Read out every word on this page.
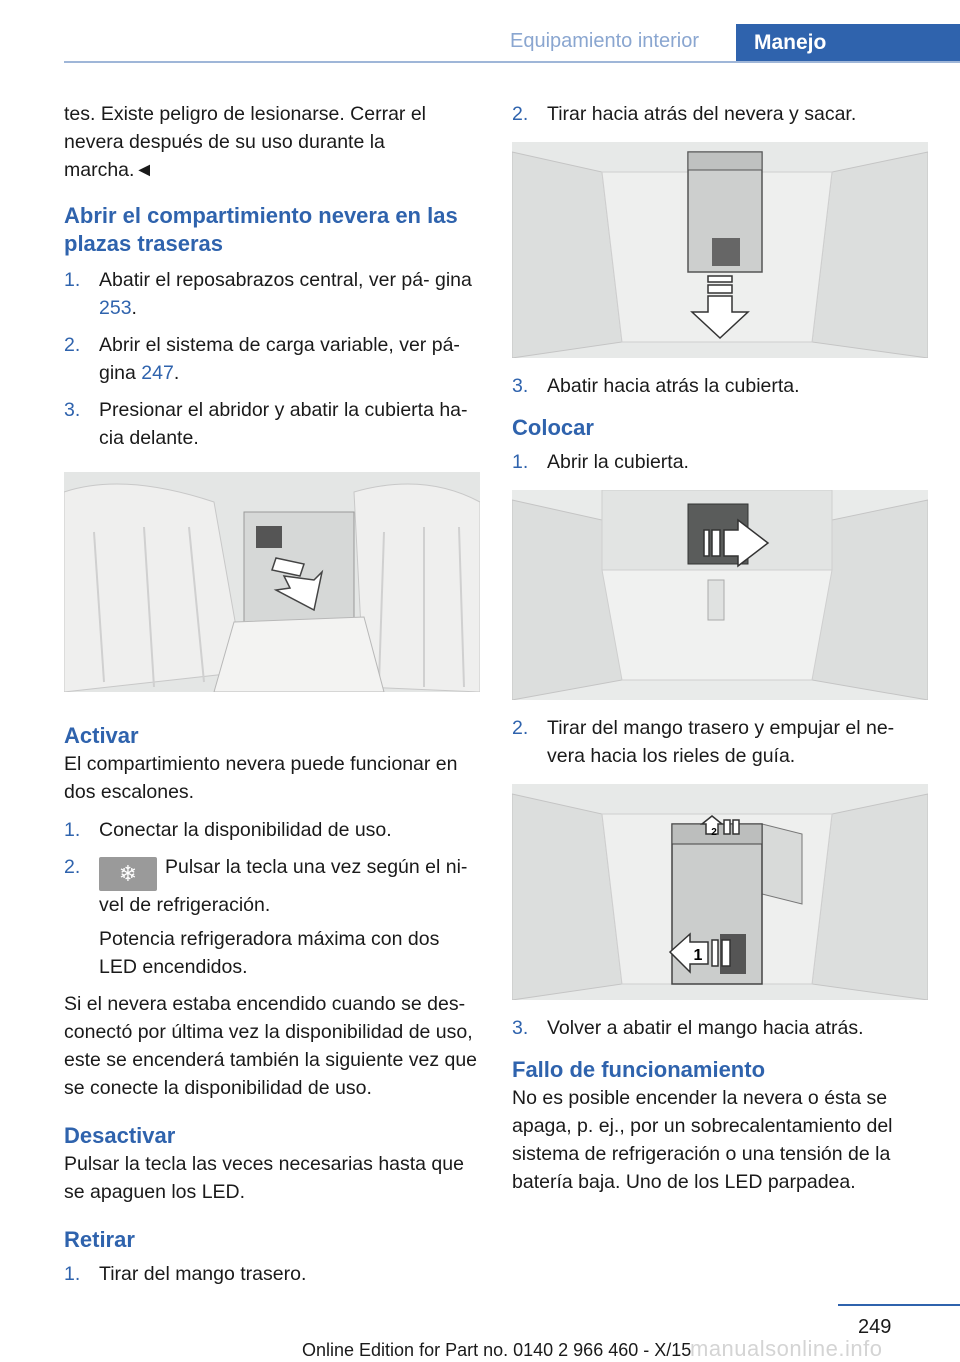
Equipamiento interior	Manejo

tes. Existe peligro de lesionarse. Cerrar el nevera después de su uso durante la marcha.◄

Abrir el compartimiento nevera en las plazas traseras
1. Abatir el reposabrazos central, ver pá‐ gina 253.
2. Abrir el sistema de carga variable, ver pá‐ gina 247.
3. Presionar el abridor y abatir la cubierta ha‐ cia delante.
Activar

El compartimiento nevera puede funcionar en dos escalones.

1. Conectar la disponibilidad de uso.
2. ❄ Pulsar la tecla una vez según el ni‐ vel de refrigeración.

Potencia refrigeradora máxima con dos LED encendidos.

Si el nevera estaba encendido cuando se des‐ conectó por última vez la disponibilidad de uso, este se encenderá también la siguiente vez que se conecte la disponibilidad de uso.

Desactivar

Pulsar la tecla las veces necesarias hasta que se apaguen los LED.

Retirar
1. Tirar del mango trasero.
2. Tirar hacia atrás del nevera y sacar.
3. Abatir hacia atrás la cubierta.
Colocar
1. Abrir la cubierta.
2. Tirar del mango trasero y empujar el ne‐ vera hacia los rieles de guía.
2
1
3. Volver a abatir el mango hacia atrás.
Fallo de funcionamiento

No es posible encender la nevera o ésta se apaga, p. ej., por un sobrecalentamiento del sistema de refrigeración o una tensión de la batería baja. Uno de los LED parpadea.

249
manualsonline.info
Online Edition for Part no. 0140 2 966 460 - X/15
